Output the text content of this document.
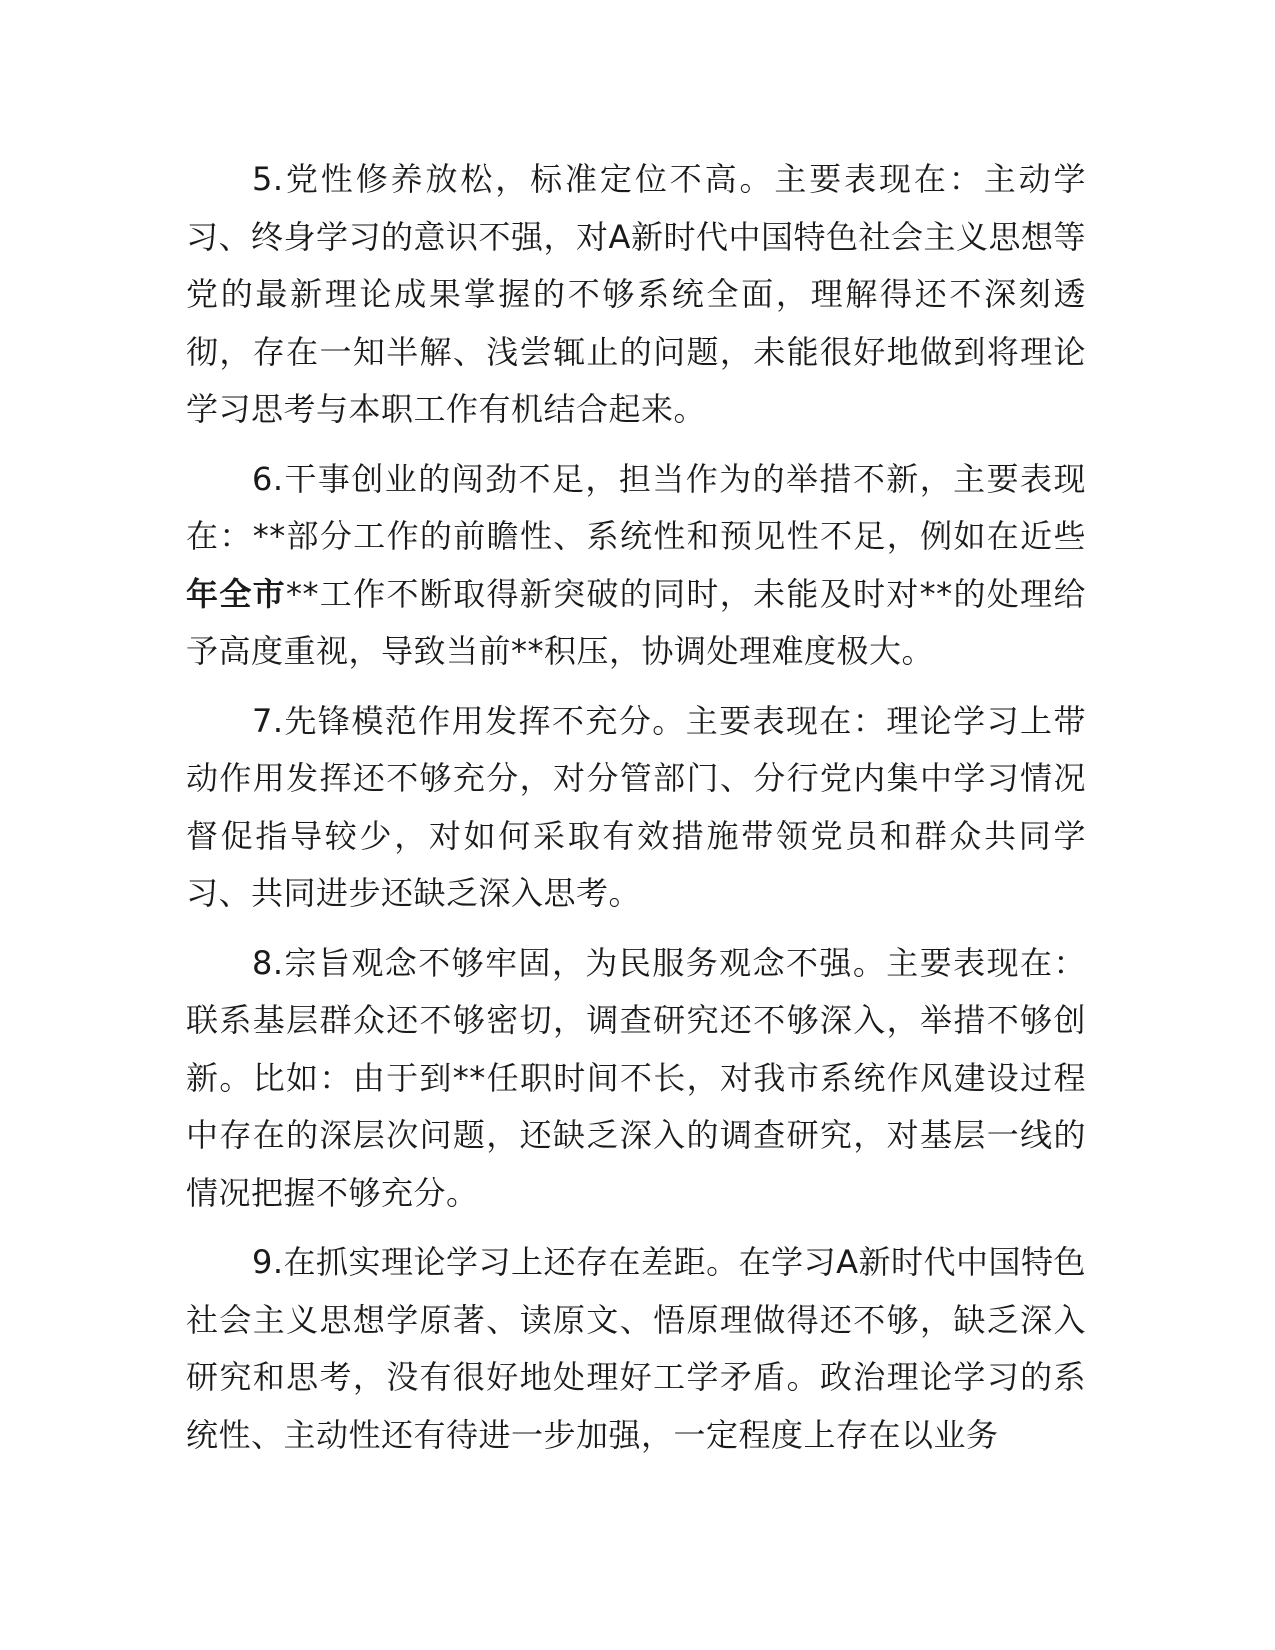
5.党性修养放松，标准定位不高。主要表现在：主动学习、终身学习的意识不强，对A新时代中国特色社会主义思想等党的最新理论成果掌握的不够系统全面，理解得还不深刻透彻，存在一知半解、浅尝辄止的问题，未能很好地做到将理论学习思考与本职工作有机结合起来。

6.干事创业的闯劲不足，担当作为的举措不新，主要表现在：**部分工作的前瞻性、系统性和预见性不足，例如在近些年全市**工作不断取得新突破的同时，未能及时对**的处理给予高度重视，导致当前**积压，协调处理难度极大。

7.先锋模范作用发挥不充分。主要表现在：理论学习上带动作用发挥还不够充分，对分管部门、分行党内集中学习情况督促指导较少，对如何采取有效措施带领党员和群众共同学习、共同进步还缺乏深入思考。

8.宗旨观念不够牢固，为民服务观念不强。主要表现在：联系基层群众还不够密切，调查研究还不够深入，举措不够创新。比如：由于到**任职时间不长，对我市系统作风建设过程中存在的深层次问题，还缺乏深入的调查研究，对基层一线的情况把握不够充分。

9.在抓实理论学习上还存在差距。在学习A新时代中国特色社会主义思想学原著、读原文、悟原理做得还不够，缺乏深入研究和思考，没有很好地处理好工学矛盾。政治理论学习的系统性、主动性还有待进一步加强，一定程度上存在以业务
